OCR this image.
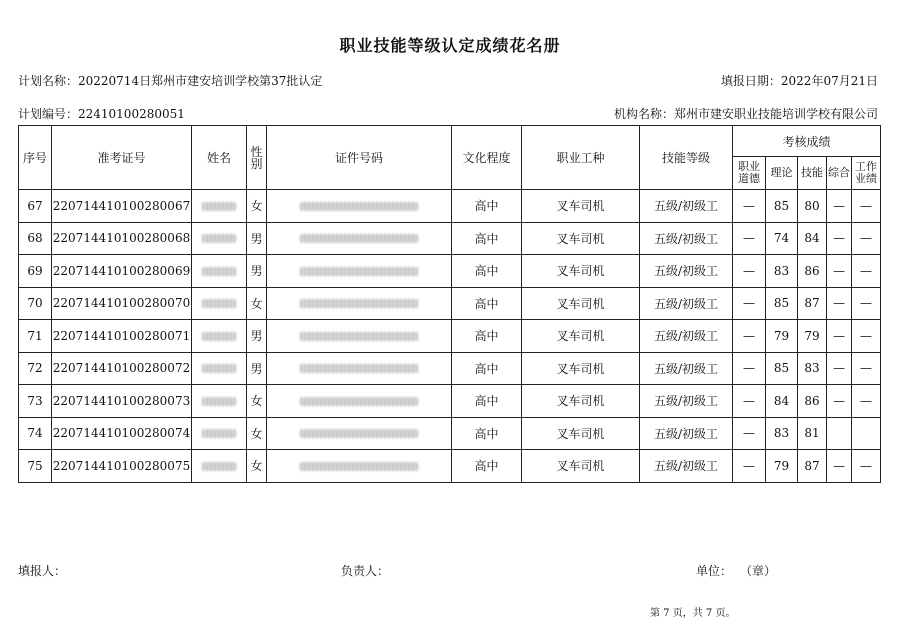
职业技能等级认定成绩花名册
计划名称：20220714日郑州市建安培训学校第37批认定	填报日期：2022年07月21日
计划编号：22410100280051	机构名称：郑州市建安职业技能培训学校有限公司
序号	准考证号	姓名	性别	证件号码	文化程度	职业工种	技能等级	考核成绩				
								职业道德	理论	技能	综合	工作业绩
67	220714410100280067		女		高中	叉车司机	五级/初级工	—	85	80	—	—
68	220714410100280068		男		高中	叉车司机	五级/初级工	—	74	84	—	—
69	220714410100280069		男		高中	叉车司机	五级/初级工	—	83	86	—	—
70	220714410100280070		女		高中	叉车司机	五级/初级工	—	85	87	—	—
71	220714410100280071		男		高中	叉车司机	五级/初级工	—	79	79	—	—
72	220714410100280072		男		高中	叉车司机	五级/初级工	—	85	83	—	—
73	220714410100280073		女		高中	叉车司机	五级/初级工	—	84	86	—	—
74	220714410100280074		女		高中	叉车司机	五级/初级工	—	83	81		
75	220714410100280075		女		高中	叉车司机	五级/初级工	—	79	87	—	—
填报人：	负责人：	单位： （章）
第 7 页，共 7 页。
